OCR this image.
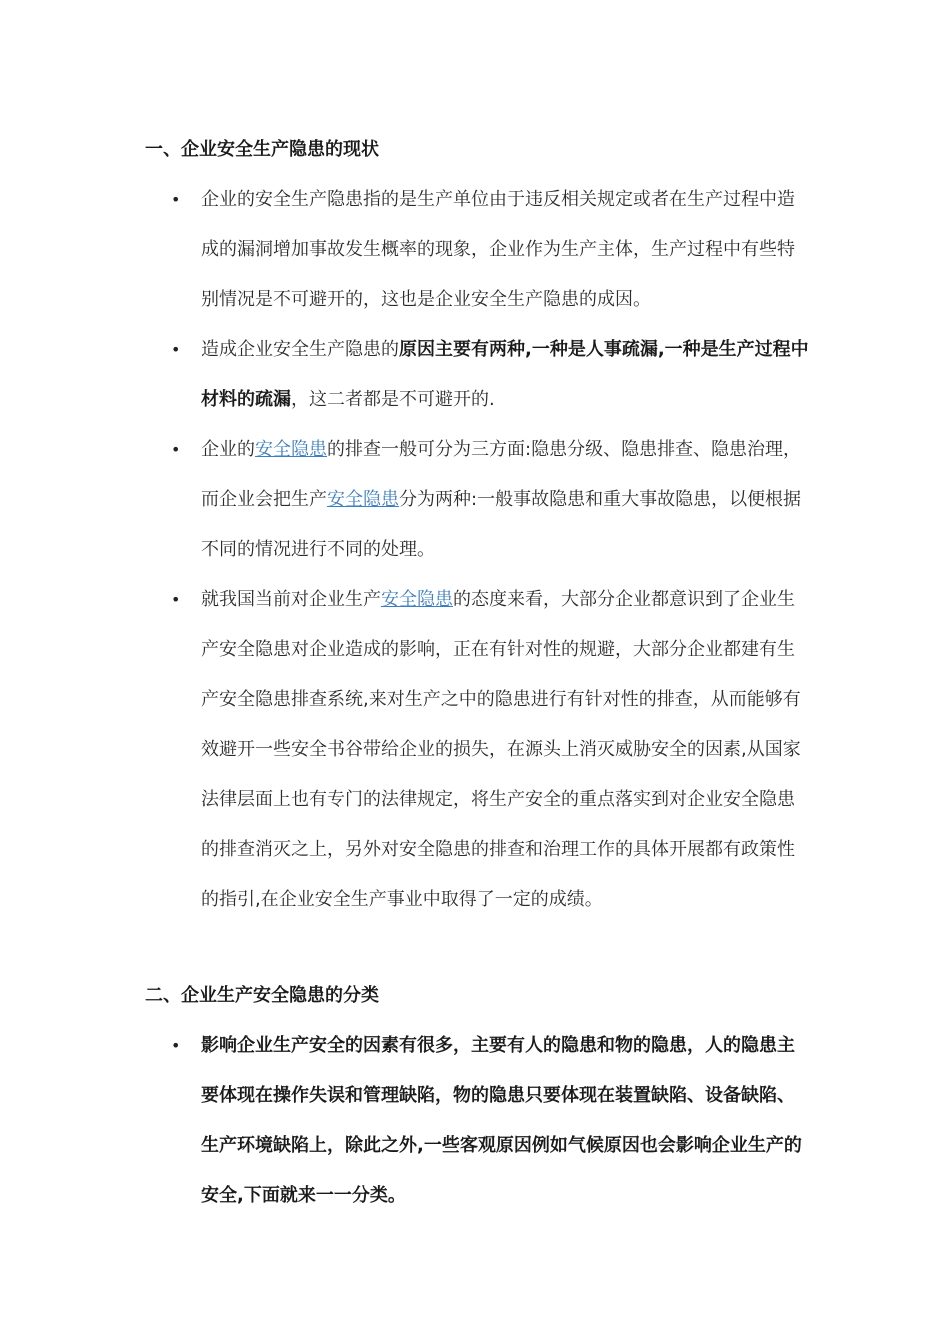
一、企业安全生产隐患的现状
• 企业的安全生产隐患指的是生产单位由于违反相关规定或者在生产过程中造成的漏洞增加事故发生概率的现象，企业作为生产主体，生产过程中有些特别情况是不可避开的，这也是企业安全生产隐患的成因。
• 造成企业安全生产隐患的原因主要有两种,一种是人事疏漏,一种是生产过程中材料的疏漏，这二者都是不可避开的.
• 企业的安全隐患的排查一般可分为三方面:隐患分级、隐患排查、隐患治理，而企业会把生产安全隐患分为两种:一般事故隐患和重大事故隐患，以便根据不同的情况进行不同的处理。
• 就我国当前对企业生产安全隐患的态度来看，大部分企业都意识到了企业生产安全隐患对企业造成的影响，正在有针对性的规避，大部分企业都建有生产安全隐患排查系统,来对生产之中的隐患进行有针对性的排查，从而能够有效避开一些安全书谷带给企业的损失，在源头上消灭威胁安全的因素,从国家法律层面上也有专门的法律规定，将生产安全的重点落实到对企业安全隐患的排查消灭之上，另外对安全隐患的排查和治理工作的具体开展都有政策性的指引,在企业安全生产事业中取得了一定的成绩。
二、企业生产安全隐患的分类
• 影响企业生产安全的因素有很多，主要有人的隐患和物的隐患，人的隐患主要体现在操作失误和管理缺陷，物的隐患只要体现在装置缺陷、设备缺陷、生产环境缺陷上，除此之外,一些客观原因例如气候原因也会影响企业生产的安全,下面就来一一分类。
